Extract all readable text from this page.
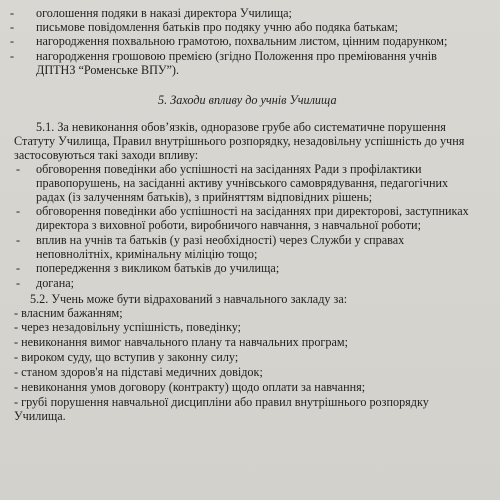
- оголошення подяки в наказі директора Училища;
- письмове повідомлення батьків про подяку учню або подяка батькам;
- нагородження похвальною грамотою, похвальним листом, цінним подарунком;
- нагородження грошовою премією (згідно Положення про преміювання учнів
ДПТНЗ “Роменське ВПУ”).
5. Заходи впливу до учнів Училища
5.1. За невиконання обов’язків, одноразове грубе або систематичне порушення
Статуту Училища, Правил внутрішнього розпорядку, незадовільну успішність до учня
застосовуються такі заходи впливу:
- обговорення поведінки або успішності на засіданнях Ради з профілактики
правопорушень, на засіданні активу учнівського самоврядування, педагогічних
радах (із залученням батьків), з прийняттям відповідних рішень;
- обговорення поведінки або успішності на засіданнях при директорові, заступниках
директора з виховної роботи, виробничого навчання, з навчальної роботи;
- вплив на учнів та батьків (у разі необхідності) через Служби у справах
неповнолітніх, кримінальну міліцію тощо;
- попередження з викликом батьків до училища;
- догана;
5.2. Учень може бути відрахований з навчального закладу за:
- власним бажанням;
- через незадовільну успішність, поведінку;
- невиконання вимог навчального плану та навчальних програм;
- вироком суду, що вступив у законну силу;
- станом здоров'я на підставі медичних довідок;
- невиконання умов договору (контракту) щодо оплати за навчання;
- грубі порушення навчальної дисципліни або правил внутрішнього розпорядку
Училища.
